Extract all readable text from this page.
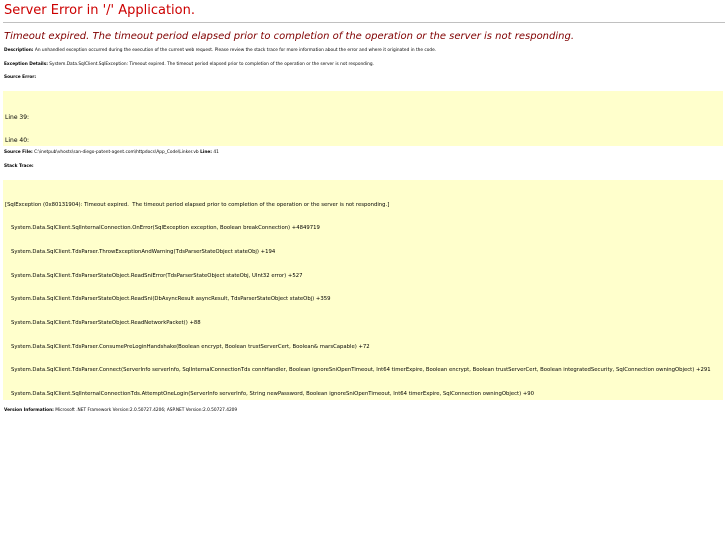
Server Error in '/' Application.
Timeout expired. The timeout period elapsed prior to completion of the operation or the server is not responding.
Description: An unhandled exception occurred during the execution of the current web request. Please review the stack trace for more information about the error and where it originated in the code.
Exception Details: System.Data.SqlClient.SqlException: Timeout expired. The timeout period elapsed prior to completion of the operation or the server is not responding.
Source Error:

Line 39:

Line 40:

Source File: C:\inetpub\vhosts\san-diego-patent-agent.com\httpdocs\App_Code\Linker.vb Line: 41
Stack Trace:

[SqlException (0x80131904): Timeout expired.  The timeout period elapsed prior to completion of the operation or the server is not responding.]

System.Data.SqlClient.SqlInternalConnection.OnError(SqlException exception, Boolean breakConnection) +4849719

System.Data.SqlClient.TdsParser.ThrowExceptionAndWarning(TdsParserStateObject stateObj) +194

System.Data.SqlClient.TdsParserStateObject.ReadSniError(TdsParserStateObject stateObj, UInt32 error) +527

System.Data.SqlClient.TdsParserStateObject.ReadSni(DbAsyncResult asyncResult, TdsParserStateObject stateObj) +359

System.Data.SqlClient.TdsParserStateObject.ReadNetworkPacket() +88

System.Data.SqlClient.TdsParser.ConsumePreLoginHandshake(Boolean encrypt, Boolean trustServerCert, Boolean& marsCapable) +72

System.Data.SqlClient.TdsParser.Connect(ServerInfo serverInfo, SqlInternalConnectionTds connHandler, Boolean ignoreSniOpenTimeout, Int64 timerExpire, Boolean encrypt, Boolean trustServerCert, Boolean integratedSecurity, SqlConnection owningObject) +291

System.Data.SqlClient.SqlInternalConnectionTds.AttemptOneLogin(ServerInfo serverInfo, String newPassword, Boolean ignoreSniOpenTimeout, Int64 timerExpire, SqlConnection owningObject) +90

Version Information: Microsoft .NET Framework Version:2.0.50727.4206; ASP.NET Version:2.0.50727.4209
